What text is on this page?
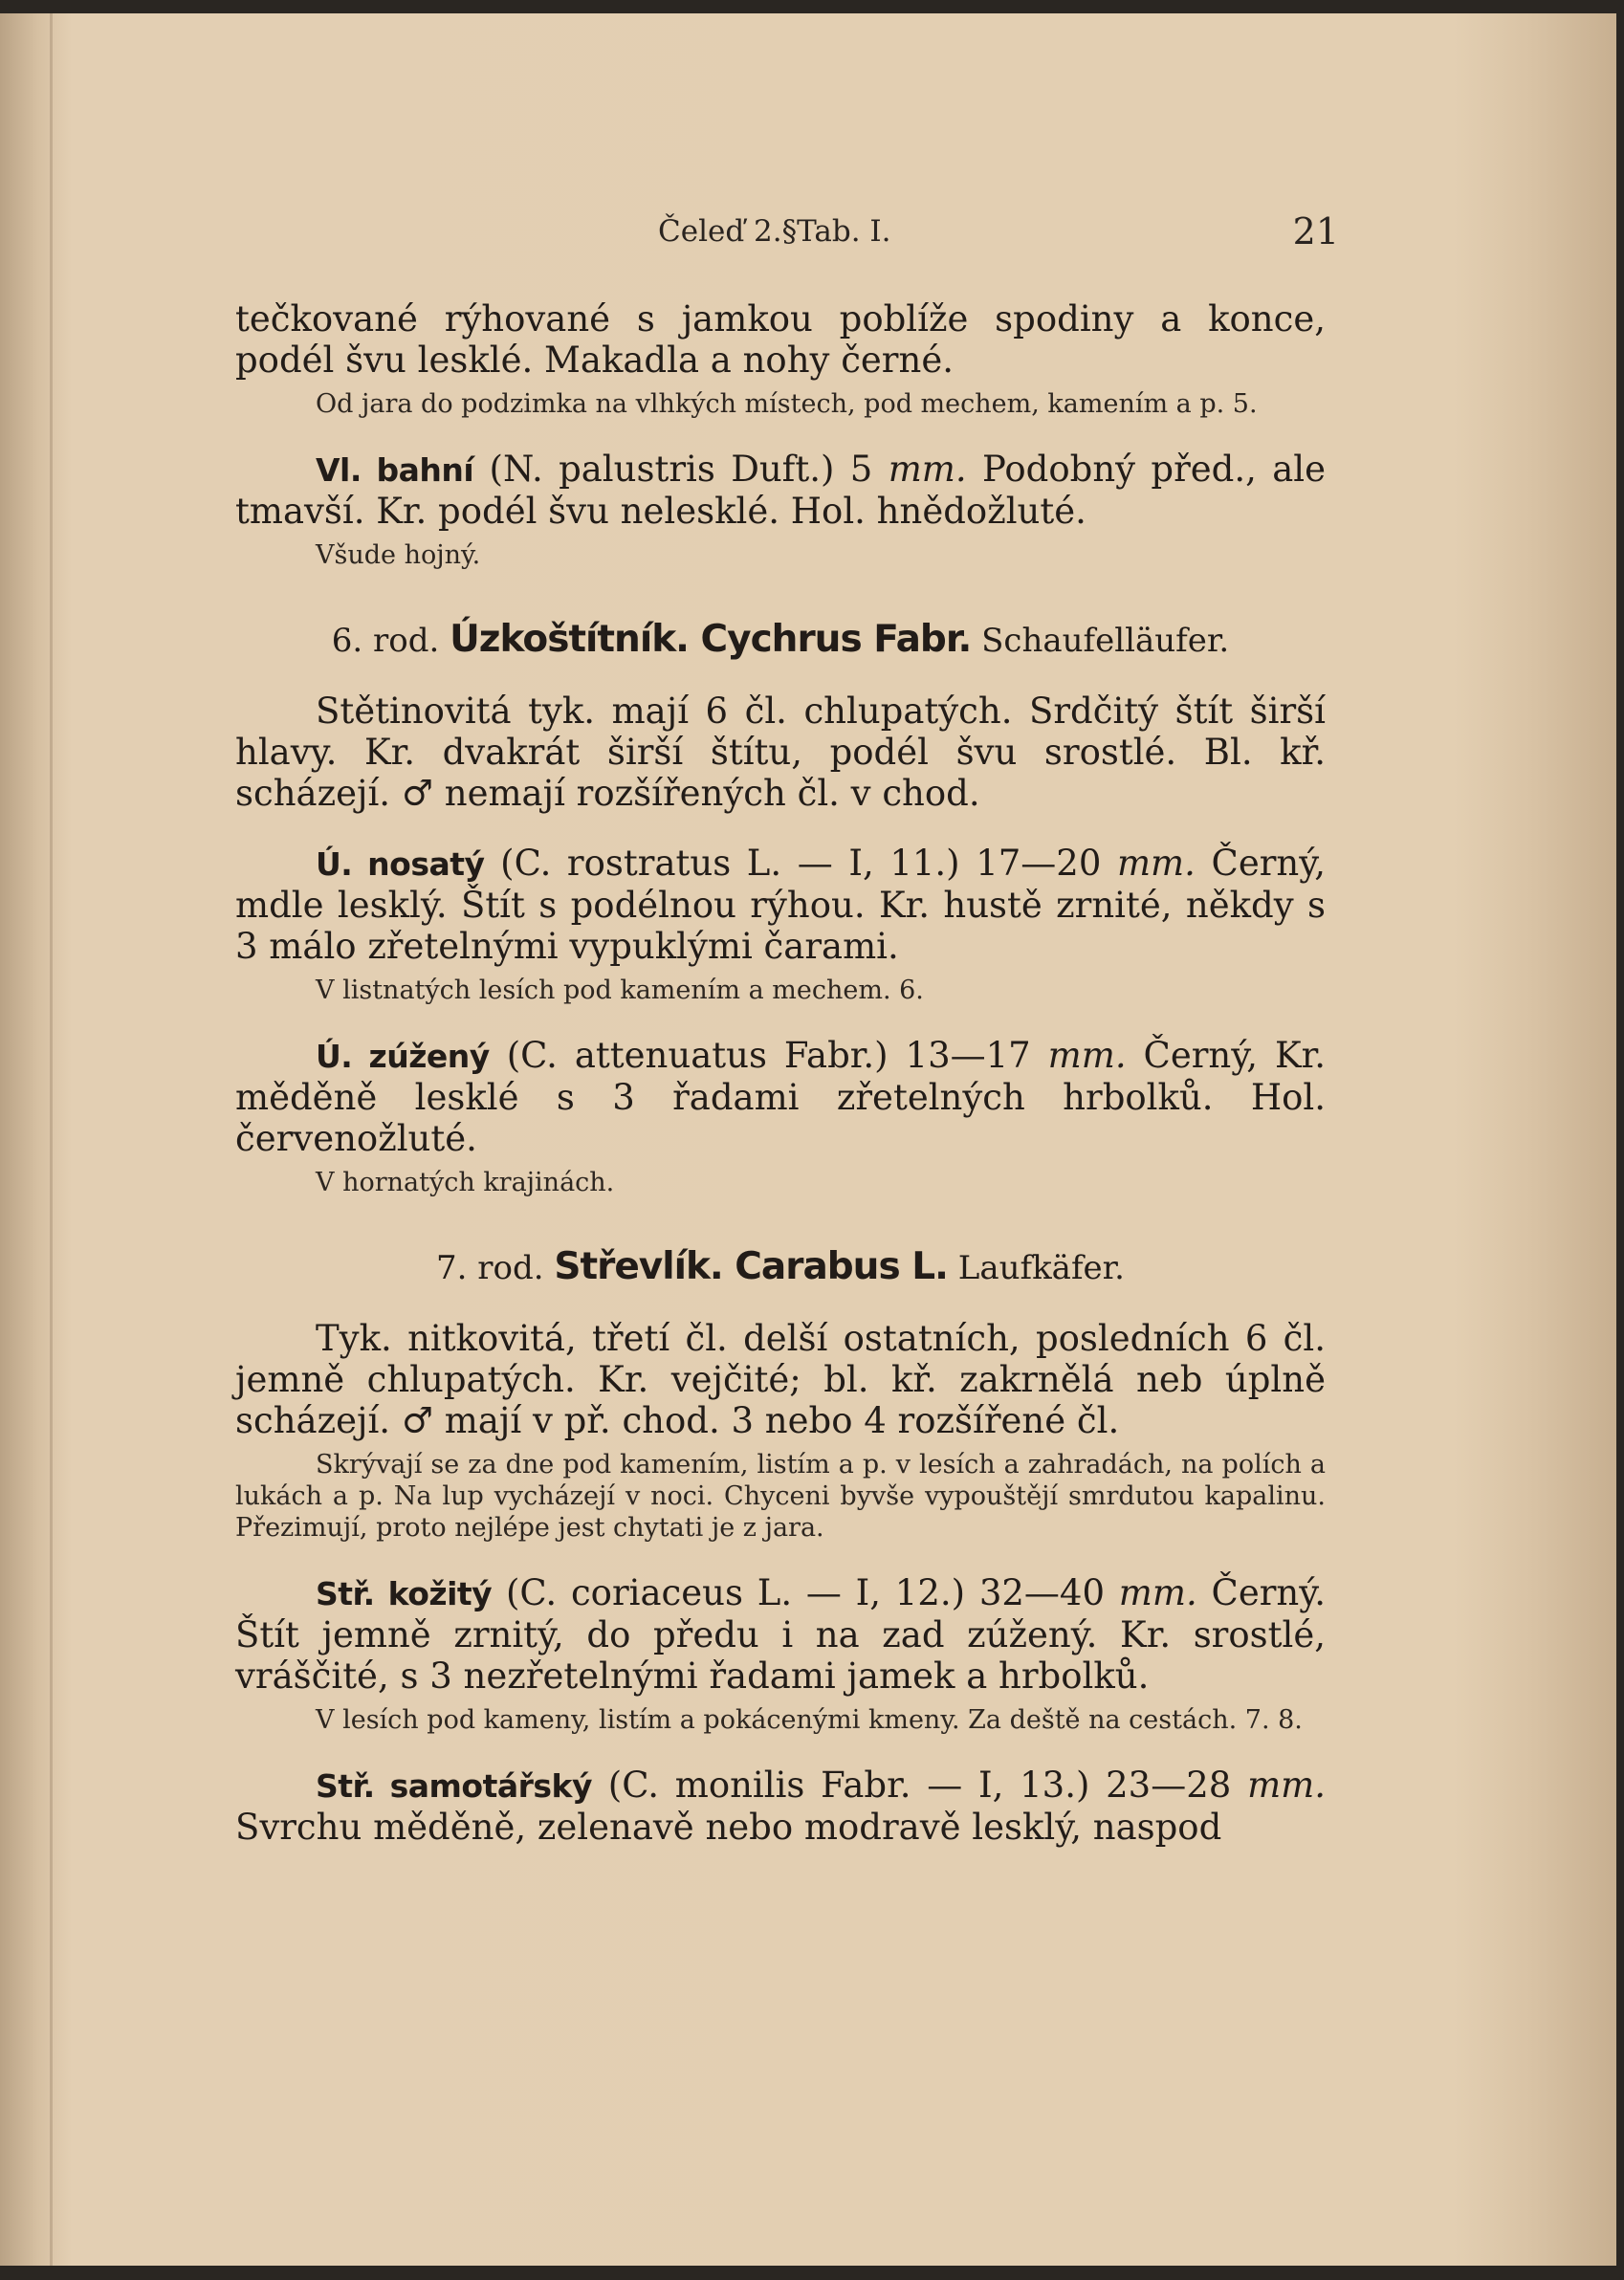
Čeleď 2.§Tab. I.	21

tečkované rýhované s jamkou poblíže spodiny a konce, podél švu lesklé. Makadla a nohy černé.

Od jara do podzimka na vlhkých místech, pod mechem, kamením a p. 5.

Vl. bahní (N. palustris Duft.) 5 mm. Podobný před., ale tmavší. Kr. podél švu nelesklé. Hol. hnědožluté.

Všude hojný.

6. rod. Úzkoštítník. Cychrus Fabr. Schaufelläufer.

Stětinovitá tyk. mají 6 čl. chlupatých. Srdčitý štít širší hlavy. Kr. dvakrát širší štítu, podél švu srostlé. Bl. kř. scházejí. ♂ nemají rozšířených čl. v chod.

Ú. nosatý (C. rostratus L. — I, 11.) 17—20 mm. Černý, mdle lesklý. Štít s podélnou rýhou. Kr. hustě zrnité, někdy s 3 málo zřetelnými vypuklými čarami.

V listnatých lesích pod kamením a mechem. 6.

Ú. zúžený (C. attenuatus Fabr.) 13—17 mm. Černý, Kr. měděně lesklé s 3 řadami zřetelných hrbolků. Hol. červenožluté.

V hornatých krajinách.

7. rod. Střevlík. Carabus L. Laufkäfer.

Tyk. nitkovitá, třetí čl. delší ostatních, posledních 6 čl. jemně chlupatých. Kr. vejčité; bl. kř. zakrnělá neb úplně scházejí. ♂ mají v př. chod. 3 nebo 4 rozšířené čl.

Skrývají se za dne pod kamením, listím a p. v lesích a zahradách, na polích a lukách a p. Na lup vycházejí v noci. Chyceni byvše vypouštějí smrdutou kapalinu. Přezimují, proto nejlépe jest chytati je z jara.

Stř. kožitý (C. coriaceus L. — I, 12.) 32—40 mm. Černý. Štít jemně zrnitý, do předu i na zad zúžený. Kr. srostlé, vráščité, s 3 nezřetelnými řadami jamek a hrbolků.

V lesích pod kameny, listím a pokácenými kmeny. Za deště na cestách. 7. 8.

Stř. samotářský (C. monilis Fabr. — I, 13.) 23—28 mm. Svrchu měděně, zelenavě nebo modravě lesklý, naspod
